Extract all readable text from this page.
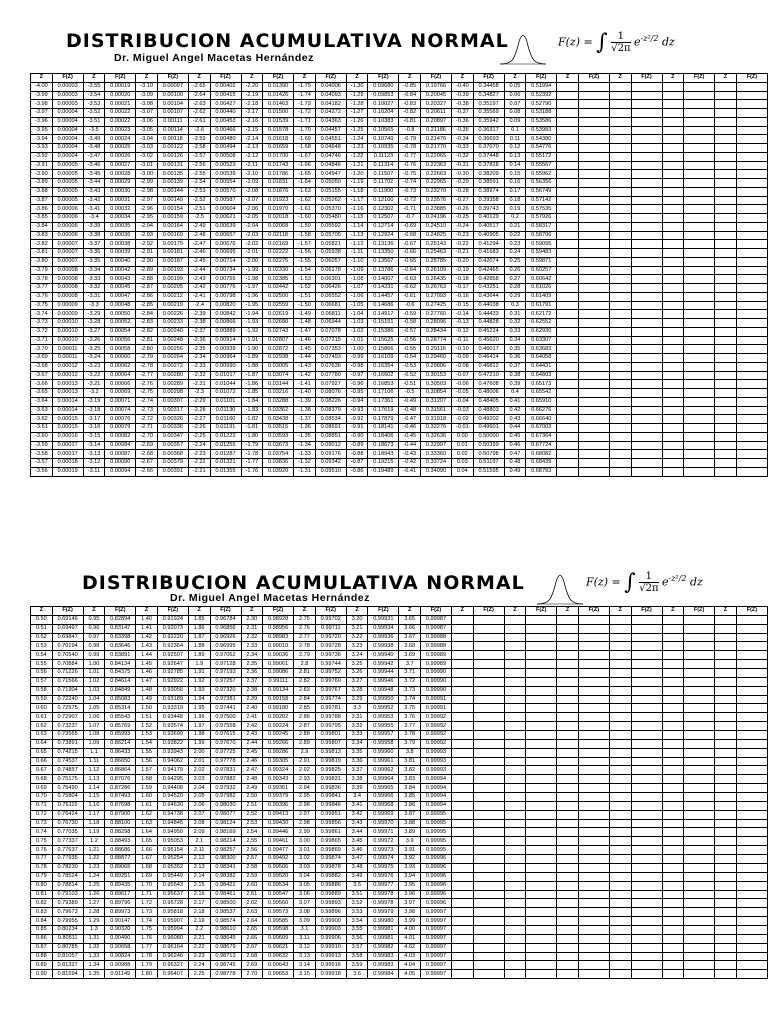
DISTRIBUCION ACUMULATIVA NORMAL
Dr. Miguel Angel Macetas Hernández
F(z) = ∫ $\frac{1}{√2\pi} e^{-z^2/2}$ dz
Z	F(Z)	Z	F(Z)	Z	F(Z)	Z	F(Z)	Z	F(Z)	Z	F(Z)	Z	F(Z)	Z	F(Z)	Z	F(Z)	Z	F(Z)	Z	F(Z)	Z	F(Z)	Z	F(Z)	Z	F(Z)
-4.00	0.00003	-3.55	0.00019	-3.10	0.00097	-2.65	0.00402	-2.20	0.01390	-1.75	0.04006	-1.30	0.09680	-0.85	0.19766	-0.40	0.34458	0.05	0.51994								
-3.99	0.00003	-3.54	0.00020	-3.09	0.00100	-2.64	0.00415	-2.19	0.01426	-1.74	0.04093	-1.29	0.09853	-0.84	0.20045	-0.39	0.34827	0.06	0.52392								
-3.98	0.00003	-3.53	0.00021	-3.08	0.00104	-2.63	0.00427	-2.18	0.01463	-1.73	0.04182	-1.28	0.10027	-0.83	0.20327	-0.38	0.35197	0.07	0.52790								
-3.97	0.00004	-3.52	0.00022	-3.07	0.00107	-2.62	0.00440	-2.17	0.01500	-1.72	0.04272	-1.27	0.10204	-0.82	0.20611	-0.37	0.35569	0.08	0.53188								
-3.96	0.00004	-3.51	0.00022	-3.06	0.00111	-2.61	0.00453	-2.16	0.01539	-1.71	0.04363	-1.26	0.10383	-0.81	0.20897	-0.36	0.35942	0.09	0.53586								
-3.95	0.00004	-3.5	0.00023	-3.05	0.00114	-2.6	0.00466	-2.15	0.01578	-1.70	0.04457	-1.25	0.10565	-0.8	0.21186	-0.35	0.36317	0.1	0.53983								
-3.94	0.00004	-3.49	0.00024	-3.04	0.00118	-2.59	0.00480	-2.14	0.01618	-1.69	0.04551	-1.24	0.10749	-0.79	0.21476	-0.34	0.36693	0.11	0.54380								
-3.93	0.00004	-3.48	0.00025	-3.03	0.00122	-2.58	0.00494	-2.13	0.01659	-1.68	0.04648	-1.23	0.10935	-0.78	0.21770	-0.33	0.37070	0.12	0.54776								
-3.92	0.00004	-3.47	0.00026	-3.02	0.00126	-2.57	0.00508	-2.12	0.01700	-1.67	0.04746	-1.22	0.11123	-0.77	0.22065	-0.32	0.37448	0.13	0.55172								
-3.91	0.00005	-3.46	0.00027	-3.01	0.00131	-2.56	0.00523	-2.11	0.01743	-1.66	0.04846	-1.21	0.11314	-0.76	0.22363	-0.31	0.37828	0.14	0.55567								
-3.90	0.00005	-3.45	0.00028	-3.00	0.00135	-2.55	0.00539	-2.10	0.01786	-1.65	0.04947	-1.20	0.11507	-0.75	0.22663	-0.30	0.38209	0.15	0.55962								
-3.89	0.00005	-3.44	0.00029	-2.99	0.00139	-2.54	0.00554	-2.09	0.01831	-1.64	0.05050	-1.19	0.11702	-0.74	0.22965	-0.29	0.38591	0.16	0.56356								
-3.88	0.00005	-3.43	0.00030	-2.98	0.00144	-2.53	0.00570	-2.08	0.01876	-1.63	0.05155	-1.18	0.11900	-0.73	0.23270	-0.28	0.38974	0.17	0.56749								
-3.87	0.00005	-3.42	0.00031	-2.97	0.00149	-2.52	0.00587	-2.07	0.01923	-1.62	0.05262	-1.17	0.12100	-0.72	0.23576	-0.27	0.39358	0.18	0.57142								
-3.86	0.00006	-3.41	0.00032	-2.96	0.00154	-2.51	0.00604	-2.06	0.01970	-1.61	0.05370	-1.16	0.12302	-0.71	0.23885	-0.26	0.39743	0.19	0.57535								
-3.85	0.00006	-3.4	0.00034	-2.95	0.00159	-2.5	0.00621	-2.05	0.02018	-1.60	0.05480	-1.15	0.12507	-0.7	0.24196	-0.25	0.40129	0.2	0.57926								
-3.84	0.00006	-3.39	0.00035	-2.94	0.00164	-2.49	0.00639	-2.04	0.02068	-1.59	0.05592	-1.14	0.12714	-0.69	0.24510	-0.24	0.40517	0.21	0.58317								
-3.83	0.00006	-3.38	0.00036	-2.93	0.00169	-2.48	0.00657	-2.03	0.02118	-1.58	0.05705	-1.13	0.12924	-0.68	0.24825	-0.23	0.40905	0.22	0.58706								
-3.82	0.00007	-3.37	0.00038	-2.92	0.00175	-2.47	0.00676	-2.02	0.02169	-1.57	0.05821	-1.12	0.13136	-0.67	0.25143	-0.22	0.41294	0.23	0.59095								
-3.81	0.00007	-3.36	0.00039	-2.91	0.00181	-2.46	0.00695	-2.01	0.02222	-1.56	0.05938	-1.11	0.13350	-0.66	0.25463	-0.21	0.41683	0.24	0.59483								
-3.80	0.00007	-3.35	0.00040	-2.90	0.00187	-2.45	0.00714	-2.00	0.02275	-1.55	0.06057	-1.10	0.13567	-0.65	0.25785	-0.20	0.42074	0.25	0.59871								
-3.79	0.00008	-3.34	0.00042	-2.89	0.00193	-2.44	0.00734	-1.99	0.02330	-1.54	0.06178	-1.09	0.13786	-0.64	0.26109	-0.19	0.42465	0.26	0.60257								
-3.78	0.00008	-3.33	0.00043	-2.88	0.00199	-2.43	0.00755	-1.98	0.02385	-1.53	0.06301	-1.08	0.14007	-0.63	0.26435	-0.18	0.42858	0.27	0.60642								
-3.77	0.00008	-3.32	0.00045	-2.87	0.00205	-2.42	0.00776	-1.97	0.02442	-1.52	0.06426	-1.07	0.14231	-0.62	0.26763	-0.17	0.43251	0.28	0.61026								
-3.76	0.00008	-3.31	0.00047	-2.86	0.00212	-2.41	0.00798	-1.96	0.02500	-1.51	0.06552	-1.06	0.14457	-0.61	0.27093	-0.16	0.43644	0.29	0.61409								
-3.75	0.00009	-3.3	0.00048	-2.85	0.00219	-2.4	0.00820	-1.95	0.02559	-1.50	0.06681	-1.05	0.14686	-0.6	0.27425	-0.15	0.44038	0.3	0.61791								
-3.74	0.00009	-3.29	0.00050	-2.84	0.00226	-2.39	0.00842	-1.94	0.02619	-1.49	0.06811	-1.04	0.14917	-0.59	0.27760	-0.14	0.44433	0.31	0.62172								
-3.73	0.00010	-3.28	0.00052	-2.83	0.00233	-2.38	0.00866	-1.93	0.02680	-1.48	0.06944	-1.03	0.15151	-0.58	0.28096	-0.13	0.44828	0.32	0.62552								
-3.72	0.00010	-3.27	0.00054	-2.82	0.00240	-2.37	0.00889	-1.92	0.02743	-1.47	0.07078	-1.02	0.15386	-0.57	0.28434	-0.12	0.45224	0.33	0.62930								
-3.71	0.00010	-3.26	0.00056	-2.81	0.00248	-2.36	0.00914	-1.91	0.02807	-1.46	0.07215	-1.01	0.15625	-0.56	0.28774	-0.11	0.45620	0.34	0.63307								
-3.70	0.00011	-3.25	0.00058	-2.80	0.00256	-2.35	0.00939	-1.90	0.02872	-1.45	0.07353	-1.00	0.15866	-0.55	0.29116	-0.10	0.46017	0.35	0.63683								
-3.69	0.00011	-3.24	0.00060	-2.79	0.00264	-2.34	0.00964	-1.89	0.02938	-1.44	0.07493	-0.99	0.16109	-0.54	0.29460	-0.09	0.46414	0.36	0.64058								
-3.68	0.00012	-3.23	0.00062	-2.78	0.00272	-2.33	0.00990	-1.88	0.03005	-1.43	0.07636	-0.98	0.16354	-0.53	0.29806	-0.08	0.46812	0.37	0.64431								
-3.67	0.00012	-3.22	0.00064	-2.77	0.00280	-2.32	0.01017	-1.87	0.03074	-1.42	0.07780	-0.97	0.16602	-0.52	0.30153	-0.07	0.47210	0.38	0.64803								
-3.66	0.00013	-3.21	0.00066	-2.76	0.00289	-2.31	0.01044	-1.86	0.03144	-1.41	0.07927	-0.96	0.16853	-0.51	0.30503	-0.06	0.47608	0.39	0.65173								
-3.65	0.00013	-3.2	0.00069	-2.75	0.00298	-2.3	0.01072	-1.85	0.03216	-1.40	0.08076	-0.95	0.17106	-0.5	0.30854	-0.05	0.48006	0.4	0.65542								
-3.64	0.00014	-3.19	0.00071	-2.74	0.00307	-2.29	0.01101	-1.84	0.03288	-1.39	0.08226	-0.94	0.17361	-0.49	0.31207	-0.04	0.48405	0.41	0.65910								
-3.63	0.00014	-3.18	0.00074	-2.73	0.00317	-2.28	0.01130	-1.83	0.03362	-1.38	0.08379	-0.93	0.17619	-0.48	0.31561	-0.03	0.48803	0.42	0.66276								
-3.62	0.00015	-3.17	0.00076	-2.72	0.00326	-2.27	0.01160	-1.82	0.03438	-1.37	0.08534	-0.92	0.17879	-0.47	0.31918	-0.02	0.49202	0.43	0.66640								
-3.61	0.00015	-3.16	0.00079	-2.71	0.00336	-2.26	0.01191	-1.81	0.03515	-1.36	0.08691	-0.91	0.18141	-0.46	0.32276	-0.01	0.49601	0.44	0.67003								
-3.60	0.00016	-3.15	0.00082	-2.70	0.00347	-2.25	0.01222	-1.80	0.03593	-1.35	0.08851	-0.90	0.18406	-0.45	0.32636	0.00	0.50000	0.45	0.67364								
-3.59	0.00017	-3.14	0.00084	-2.69	0.00357	-2.24	0.01255	-1.79	0.03673	-1.34	0.09012	-0.89	0.18673	-0.44	0.32997	0.01	0.50399	0.46	0.67724								
-3.58	0.00017	-3.13	0.00087	-2.68	0.00368	-2.23	0.01287	-1.78	0.03754	-1.33	0.09176	-0.88	0.18943	-0.43	0.33360	0.02	0.50798	0.47	0.68082								
-3.57	0.00018	-3.12	0.00090	-2.67	0.00379	-2.22	0.01321	-1.77	0.03836	-1.32	0.09342	-0.87	0.19215	-0.42	0.33724	0.03	0.51197	0.48	0.68439								
-3.56	0.00019	-3.11	0.00094	-2.66	0.00391	-2.21	0.01355	-1.76	0.03920	-1.31	0.09510	-0.86	0.19489	-0.41	0.34090	0.04	0.51595	0.49	0.68793								
DISTRIBUCION ACUMULATIVA NORMAL
Dr. Miguel Angel Macetas Hernández
F(z) = ∫ $\frac{1}{√2\pi} e^{-z^2/2}$ dz
Z	F(Z)	Z	F(Z)	Z	F(Z)	Z	F(Z)	Z	F(Z)	Z	F(Z)	Z	F(Z)	Z	F(Z)	Z	F(Z)	Z	F(Z)	Z	F(Z)	Z	F(Z)	Z	F(Z)	Z	F(Z)
0.50	0.69146	0.95	0.82894	1.40	0.91924	1.85	0.96784	2.30	0.98928	2.75	0.99702	3.20	0.99931	3.65	0.99987												
0.51	0.69497	0.96	0.83147	1.41	0.92073	1.86	0.96856	2.31	0.98956	2.76	0.99711	3.21	0.99934	3.66	0.99987												
0.52	0.69847	0.97	0.83398	1.42	0.92220	1.87	0.96926	2.32	0.98983	2.77	0.99720	3.22	0.99936	3.67	0.99988												
0.53	0.70194	0.98	0.83646	1.43	0.92364	1.88	0.96995	2.33	0.99010	2.78	0.99728	3.23	0.99938	3.68	0.99988												
0.54	0.70540	0.99	0.83891	1.44	0.92507	1.89	0.97062	2.34	0.99036	2.79	0.99736	3.24	0.99940	3.69	0.99989												
0.55	0.70884	1.00	0.84134	1.45	0.92647	1.9	0.97128	2.35	0.99061	2.8	0.99744	3.25	0.99942	3.7	0.99989												
0.56	0.71226	1.01	0.84375	1.46	0.92785	1.91	0.97193	2.36	0.99086	2.81	0.99752	3.26	0.99944	3.71	0.99990												
0.57	0.71566	1.02	0.84614	1.47	0.92922	1.92	0.97257	2.37	0.99111	2.82	0.99760	3.27	0.99946	3.72	0.99990												
0.58	0.71904	1.03	0.84849	1.48	0.93056	1.93	0.97320	2.38	0.99134	2.83	0.99767	3.28	0.99948	3.73	0.99990												
0.59	0.72240	1.04	0.85083	1.49	0.93189	1.94	0.97381	2.39	0.99158	2.84	0.99774	3.29	0.99950	3.74	0.99991												
0.60	0.72575	1.05	0.85314	1.50	0.93319	1.95	0.97441	2.40	0.99180	2.85	0.99781	3.3	0.99952	3.75	0.99991												
0.61	0.72907	1.06	0.85543	1.51	0.93448	1.96	0.97500	2.41	0.99202	2.86	0.99788	3.31	0.99953	3.76	0.99992												
0.62	0.73237	1.07	0.85769	1.52	0.93574	1.97	0.97558	2.42	0.99224	2.87	0.99795	3.32	0.99955	3.77	0.99992												
0.63	0.73565	1.08	0.85993	1.53	0.93699	1.98	0.97615	2.43	0.99245	2.88	0.99801	3.33	0.99957	3.78	0.99992												
0.64	0.73891	1.09	0.86214	1.54	0.93822	1.99	0.97670	2.44	0.99266	2.89	0.99807	3.34	0.99958	3.79	0.99992												
0.65	0.74215	1.1	0.86433	1.55	0.93943	2.00	0.97725	2.45	0.99286	2.9	0.99813	3.35	0.99960	3.8	0.99993												
0.66	0.74537	1.11	0.86650	1.56	0.94062	2.01	0.97778	2.46	0.99305	2.91	0.99819	3.36	0.99961	3.81	0.99993												
0.67	0.74857	1.12	0.86864	1.57	0.94179	2.02	0.97831	2.47	0.99324	2.92	0.99825	3.37	0.99962	3.82	0.99993												
0.68	0.75175	1.13	0.87076	1.58	0.94295	2.03	0.97882	2.48	0.99343	2.93	0.99831	3.38	0.99964	3.83	0.99994												
0.69	0.75490	1.14	0.87286	1.59	0.94408	2.04	0.97932	2.49	0.99361	2.94	0.99836	3.39	0.99965	3.84	0.99994												
0.70	0.75804	1.15	0.87493	1.60	0.94520	2.05	0.97982	2.50	0.99379	2.95	0.99841	3.4	0.99966	3.85	0.99994												
0.71	0.76115	1.16	0.87698	1.61	0.94630	2.06	0.98030	2.51	0.99396	2.96	0.99846	3.41	0.99968	3.86	0.99994												
0.72	0.76424	1.17	0.87900	1.62	0.94738	2.07	0.98077	2.52	0.99413	2.97	0.99851	3.42	0.99969	3.87	0.99995												
0.73	0.76730	1.18	0.88100	1.63	0.94845	2.08	0.98124	2.53	0.99430	2.98	0.99856	3.43	0.99970	3.88	0.99995												
0.74	0.77035	1.19	0.88298	1.64	0.94950	2.09	0.98169	2.54	0.99446	2.99	0.99861	3.44	0.99971	3.89	0.99995												
0.75	0.77337	1.2	0.88493	1.65	0.95053	2.1	0.98214	2.55	0.99461	3.00	0.99865	3.45	0.99972	3.9	0.99995												
0.76	0.77637	1.21	0.88686	1.66	0.95154	2.11	0.98257	2.56	0.99477	3.01	0.99869	3.46	0.99973	3.91	0.99995												
0.77	0.77935	1.22	0.88877	1.67	0.95254	2.12	0.98300	2.57	0.99492	3.02	0.99874	3.47	0.99974	3.92	0.99996												
0.78	0.78230	1.23	0.89065	1.68	0.95352	2.13	0.98341	2.58	0.99506	3.03	0.99878	3.48	0.99975	3.93	0.99996												
0.79	0.78524	1.24	0.89251	1.69	0.95449	2.14	0.98382	2.59	0.99520	3.04	0.99882	3.49	0.99976	3.94	0.99996												
0.80	0.78814	1.25	0.89435	1.70	0.95543	2.15	0.98422	2.60	0.99534	3.05	0.99886	3.5	0.99977	3.95	0.99996												
0.81	0.79103	1.26	0.89617	1.71	0.95637	2.16	0.98461	2.61	0.99547	3.06	0.99889	3.51	0.99978	3.96	0.99996												
0.82	0.79389	1.27	0.89796	1.72	0.95728	2.17	0.98500	2.62	0.99560	3.07	0.99893	3.52	0.99978	3.97	0.99996												
0.83	0.79673	1.28	0.89973	1.73	0.95818	2.18	0.98537	2.63	0.99573	3.08	0.99896	3.53	0.99979	3.98	0.99997												
0.84	0.79955	1.29	0.90147	1.74	0.95907	2.19	0.98574	2.64	0.99585	3.09	0.99900	3.54	0.99980	3.99	0.99997												
0.85	0.80234	1.3	0.90320	1.75	0.95994	2.2	0.98610	2.65	0.99598	3.1	0.99903	3.55	0.99981	4.00	0.99997												
0.86	0.80511	1.31	0.90490	1.76	0.96080	2.21	0.98645	2.66	0.99609	3.11	0.99906	3.56	0.99981	4.01	0.99997												
0.87	0.80785	1.32	0.90658	1.77	0.96164	2.22	0.98679	2.67	0.99621	3.12	0.99910	3.57	0.99982	4.02	0.99997												
0.88	0.81057	1.33	0.90824	1.78	0.96246	2.23	0.98713	2.68	0.99632	3.13	0.99913	3.58	0.99983	4.03	0.99997												
0.89	0.81327	1.34	0.90988	1.79	0.96327	2.24	0.98745	2.69	0.99643	3.14	0.99916	3.59	0.99983	4.04	0.99997												
0.90	0.81594	1.35	0.91149	1.80	0.96407	2.25	0.98778	2.70	0.99653	3.15	0.99918	3.6	0.99984	4.05	0.99997												
